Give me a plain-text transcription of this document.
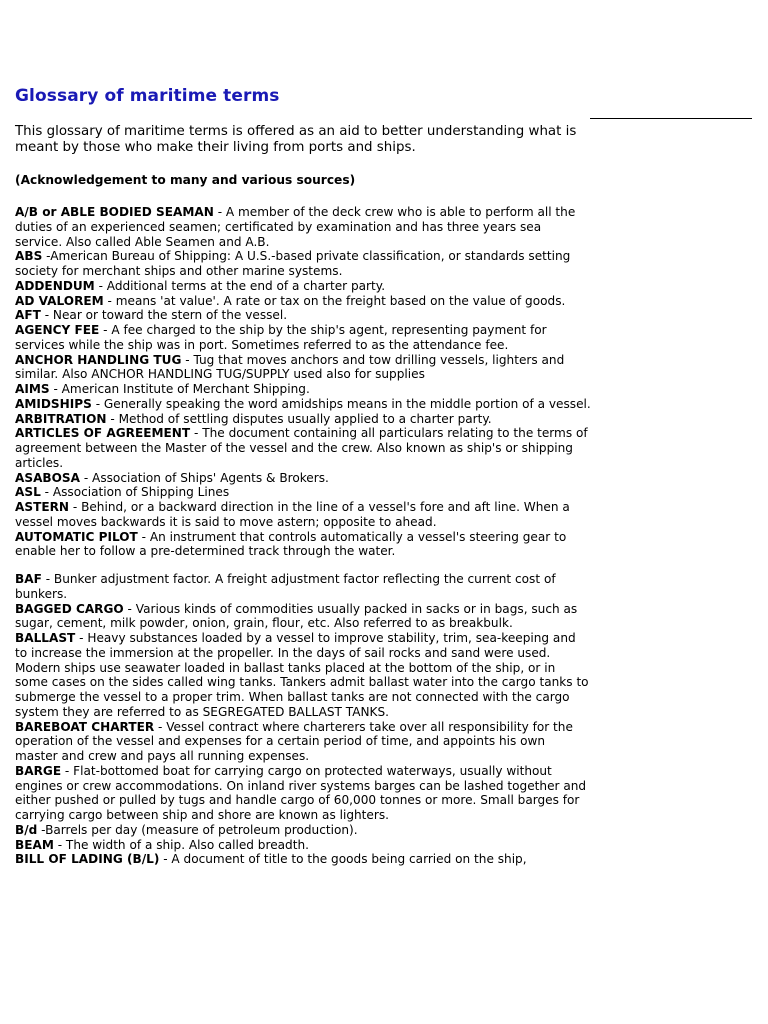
Glossary of maritime terms

This glossary of maritime terms is offered as an aid to better understanding what is meant by those who make their living from ports and ships.

(Acknowledgement to many and various sources)

A/B or ABLE BODIED SEAMAN - A member of the deck crew who is able to perform all the duties of an experienced seamen; certificated by examination and has three years sea service. Also called Able Seamen and A.B.

ABS -American Bureau of Shipping: A U.S.-based private classification, or standards setting society for merchant ships and other marine systems.

ADDENDUM - Additional terms at the end of a charter party.

AD VALOREM - means 'at value'. A rate or tax on the freight based on the value of goods.

AFT - Near or toward the stern of the vessel.

AGENCY FEE - A fee charged to the ship by the ship's agent, representing payment for services while the ship was in port. Sometimes referred to as the attendance fee.

ANCHOR HANDLING TUG - Tug that moves anchors and tow drilling vessels, lighters and similar. Also ANCHOR HANDLING TUG/SUPPLY used also for supplies

AIMS - American Institute of Merchant Shipping.

AMIDSHIPS - Generally speaking the word amidships means in the middle portion of a vessel.

ARBITRATION - Method of settling disputes usually applied to a charter party.

ARTICLES OF AGREEMENT - The document containing all particulars relating to the terms of agreement between the Master of the vessel and the crew. Also known as ship's or shipping articles.

ASABOSA - Association of Ships' Agents & Brokers.

ASL - Association of Shipping Lines

ASTERN - Behind, or a backward direction in the line of a vessel's fore and aft line. When a vessel moves backwards it is said to move astern; opposite to ahead.

AUTOMATIC PILOT - An instrument that controls automatically a vessel's steering gear to enable her to follow a pre-determined track through the water.

BAF - Bunker adjustment factor. A freight adjustment factor reflecting the current cost of bunkers.

BAGGED CARGO - Various kinds of commodities usually packed in sacks or in bags, such as sugar, cement, milk powder, onion, grain, flour, etc. Also referred to as breakbulk.

BALLAST - Heavy substances loaded by a vessel to improve stability, trim, sea-keeping and to increase the immersion at the propeller. In the days of sail rocks and sand were used. Modern ships use seawater loaded in ballast tanks placed at the bottom of the ship, or in some cases on the sides called wing tanks. Tankers admit ballast water into the cargo tanks to submerge the vessel to a proper trim. When ballast tanks are not connected with the cargo system they are referred to as SEGREGATED BALLAST TANKS.

BAREBOAT CHARTER - Vessel contract where charterers take over all responsibility for the operation of the vessel and expenses for a certain period of time, and appoints his own master and crew and pays all running expenses.

BARGE - Flat-bottomed boat for carrying cargo on protected waterways, usually without engines or crew accommodations. On inland river systems barges can be lashed together and either pushed or pulled by tugs and handle cargo of 60,000 tonnes or more. Small barges for carrying cargo between ship and shore are known as lighters.

B/d -Barrels per day (measure of petroleum production).

BEAM - The width of a ship. Also called breadth.

BILL OF LADING (B/L) - A document of title to the goods being carried on the ship,
